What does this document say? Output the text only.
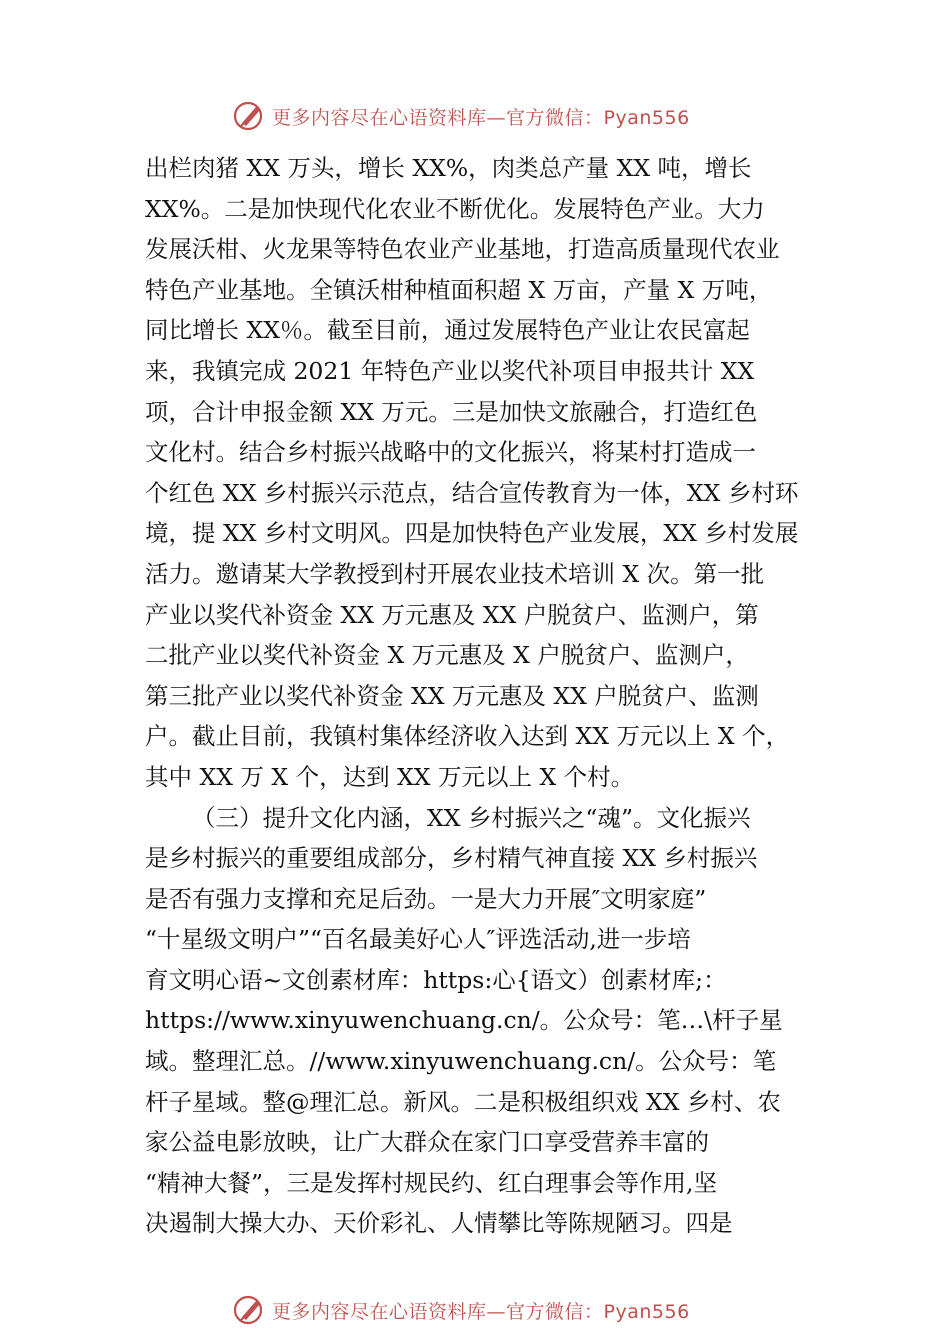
更多内容尽在心语资料库—官方微信：Pyan556
出栏肉猪 XX 万头，增长 XX%，肉类总产量 XX 吨，增长
XX%。二是加快现代化农业不断优化。发展特色产业。大力
发展沃柑、火龙果等特色农业产业基地，打造高质量现代农业
特色产业基地。全镇沃柑种植面积超 X 万亩，产量 X 万吨，
同比增长 XX％。截至目前，通过发展特色产业让农民富起
来，我镇完成 2021 年特色产业以奖代补项目申报共计 XX
项，合计申报金额 XX 万元。三是加快文旅融合，打造红色
文化村。结合乡村振兴战略中的文化振兴，将某村打造成一
个红色 XX 乡村振兴示范点，结合宣传教育为一体，XX 乡村环
境，提 XX 乡村文明风。四是加快特色产业发展，XX 乡村发展
活力。邀请某大学教授到村开展农业技术培训 X 次。第一批
产业以奖代补资金 XX 万元惠及 XX 户脱贫户、监测户，第
二批产业以奖代补资金 X 万元惠及 X 户脱贫户、监测户，
第三批产业以奖代补资金 XX 万元惠及 XX 户脱贫户、监测
户。截止目前，我镇村集体经济收入达到 XX 万元以上 X 个，
其中 XX 万 X 个，达到 XX 万元以上 X 个村。
（三）提升文化内涵，XX 乡村振兴之“魂”。文化振兴
是乡村振兴的重要组成部分，乡村精气神直接 XX 乡村振兴
是否有强力支撑和充足后劲。一是大力开展″文明家庭”
“十星级文明户”“百名最美好心人″评选活动,进一步培
育文明心语~文创素材库：https:心{语文）创素材库;：
https://www.xinyuwenchuang.cn/。公众号：笔…\杆子星
域。整理汇总。//www.xinyuwenchuang.cn/。公众号：笔
杆子星域。整@理汇总。新风。二是积极组织戏 XX 乡村、农
家公益电影放映，让广大群众在家门口享受营养丰富的
“精神大餐”，三是发挥村规民约、红白理事会等作用,坚
决遏制大操大办、天价彩礼、人情攀比等陈规陋习。四是
更多内容尽在心语资料库—官方微信：Pyan556
